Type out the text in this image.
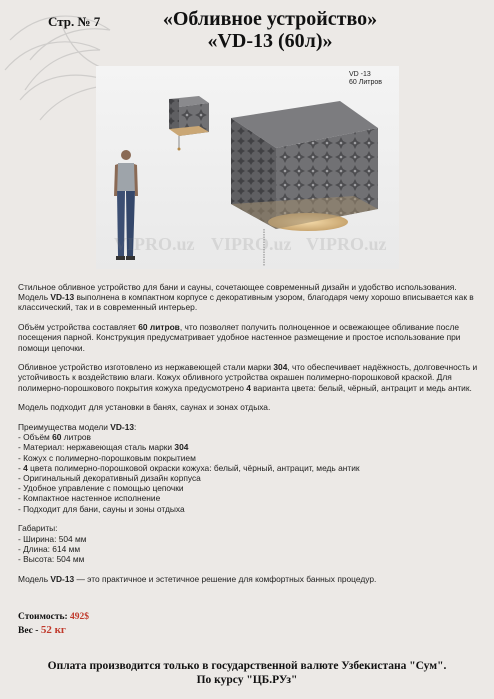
Стр. № 7	«Обливное устройство»
«VD-13 (60л)»
VD -13
60 Литров
VIPRO.uz VIPRO.uz VIPRO.uz

Стильное обливное устройство для бани и сауны, сочетающее современный дизайн и удобство использования. Модель VD-13 выполнена в компактном корпусе с декоративным узором, благодаря чему хорошо вписывается как в классический, так и в современный интерьер.

Объём устройства составляет 60 литров, что позволяет получить полноценное и освежающее обливание после посещения парной. Конструкция предусматривает удобное настенное размещение и простое использование при помощи цепочки.

Обливное устройство изготовлено из нержавеющей стали марки 304, что обеспечивает надёжность, долговечность и устойчивость к воздействию влаги. Кожух обливного устройства окрашен полимерно-порошковой краской. Для полимерно-порошкового покрытия кожуха предусмотрено 4 варианта цвета: белый, чёрный, антрацит и медь антик.

Модель подходит для установки в банях, саунах и зонах отдыха.

Преимущества модели VD-13:
- Объём 60 литров
- Материал: нержавеющая сталь марки 304
- Кожух с полимерно-порошковым покрытием
- 4 цвета полимерно-порошковой окраски кожуха: белый, чёрный, антрацит, медь антик
- Оригинальный декоративный дизайн корпуса
- Удобное управление с помощью цепочки
- Компактное настенное исполнение
- Подходит для бани, сауны и зоны отдыха
Габариты:
- Ширина: 504 мм
- Длина: 614 мм
- Высота: 504 мм

Модель VD-13 — это практичное и эстетичное решение для комфортных банных процедур.

Стоимость: 492$
Вес - 52 кг
Оплата производится только в государственной валюте Узбекистана "Сум".
По курсу "ЦБ.РУз"
